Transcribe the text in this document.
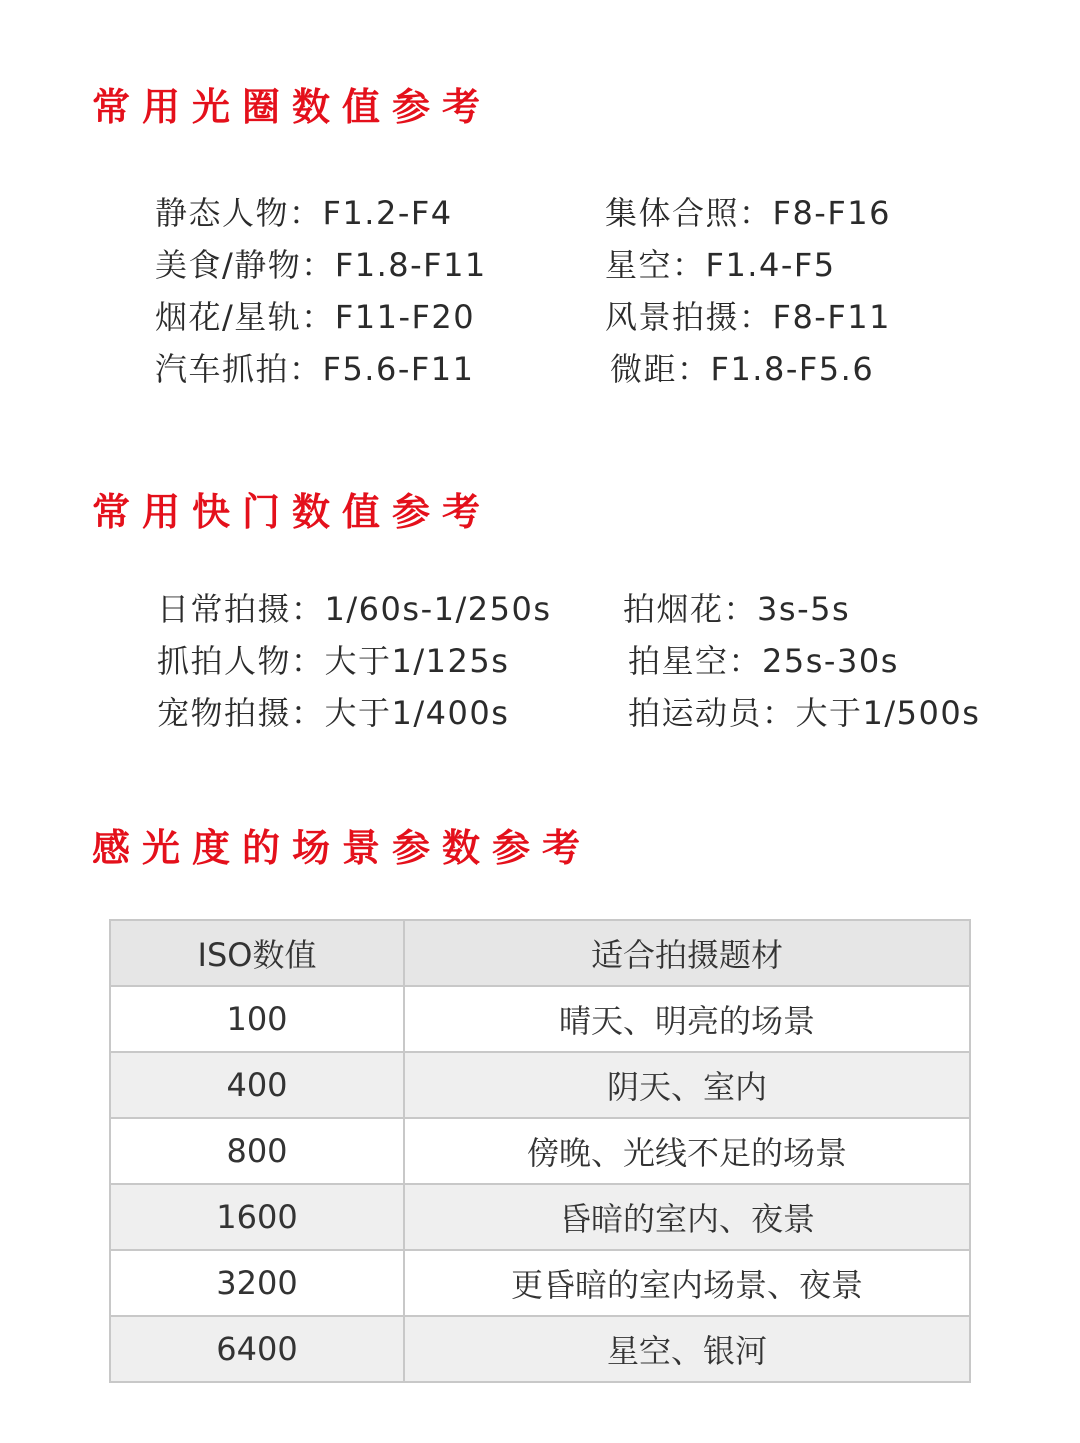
常用光圈数值参考
静态人物：F1.2-F4	集体合照：F8-F16
美食/静物：F1.8-F11	星空：F1.4-F5
烟花/星轨：F11-F20	风景拍摄：F8-F11
汽车抓拍：F5.6-F11	微距：F1.8-F5.6
常用快门数值参考
日常拍摄：1/60s-1/250s 拍烟花：3s-5s
抓拍人物：大于1/125s	拍星空：25s-30s
宠物拍摄：大于1/400s	拍运动员：大于1/500s
感光度的场景参数参考
ISO数值	适合拍摄题材
100	晴天、明亮的场景
400	阴天、室内
800	傍晚、光线不足的场景
1600	昏暗的室内、夜景
3200	更昏暗的室内场景、夜景
6400	星空、银河
